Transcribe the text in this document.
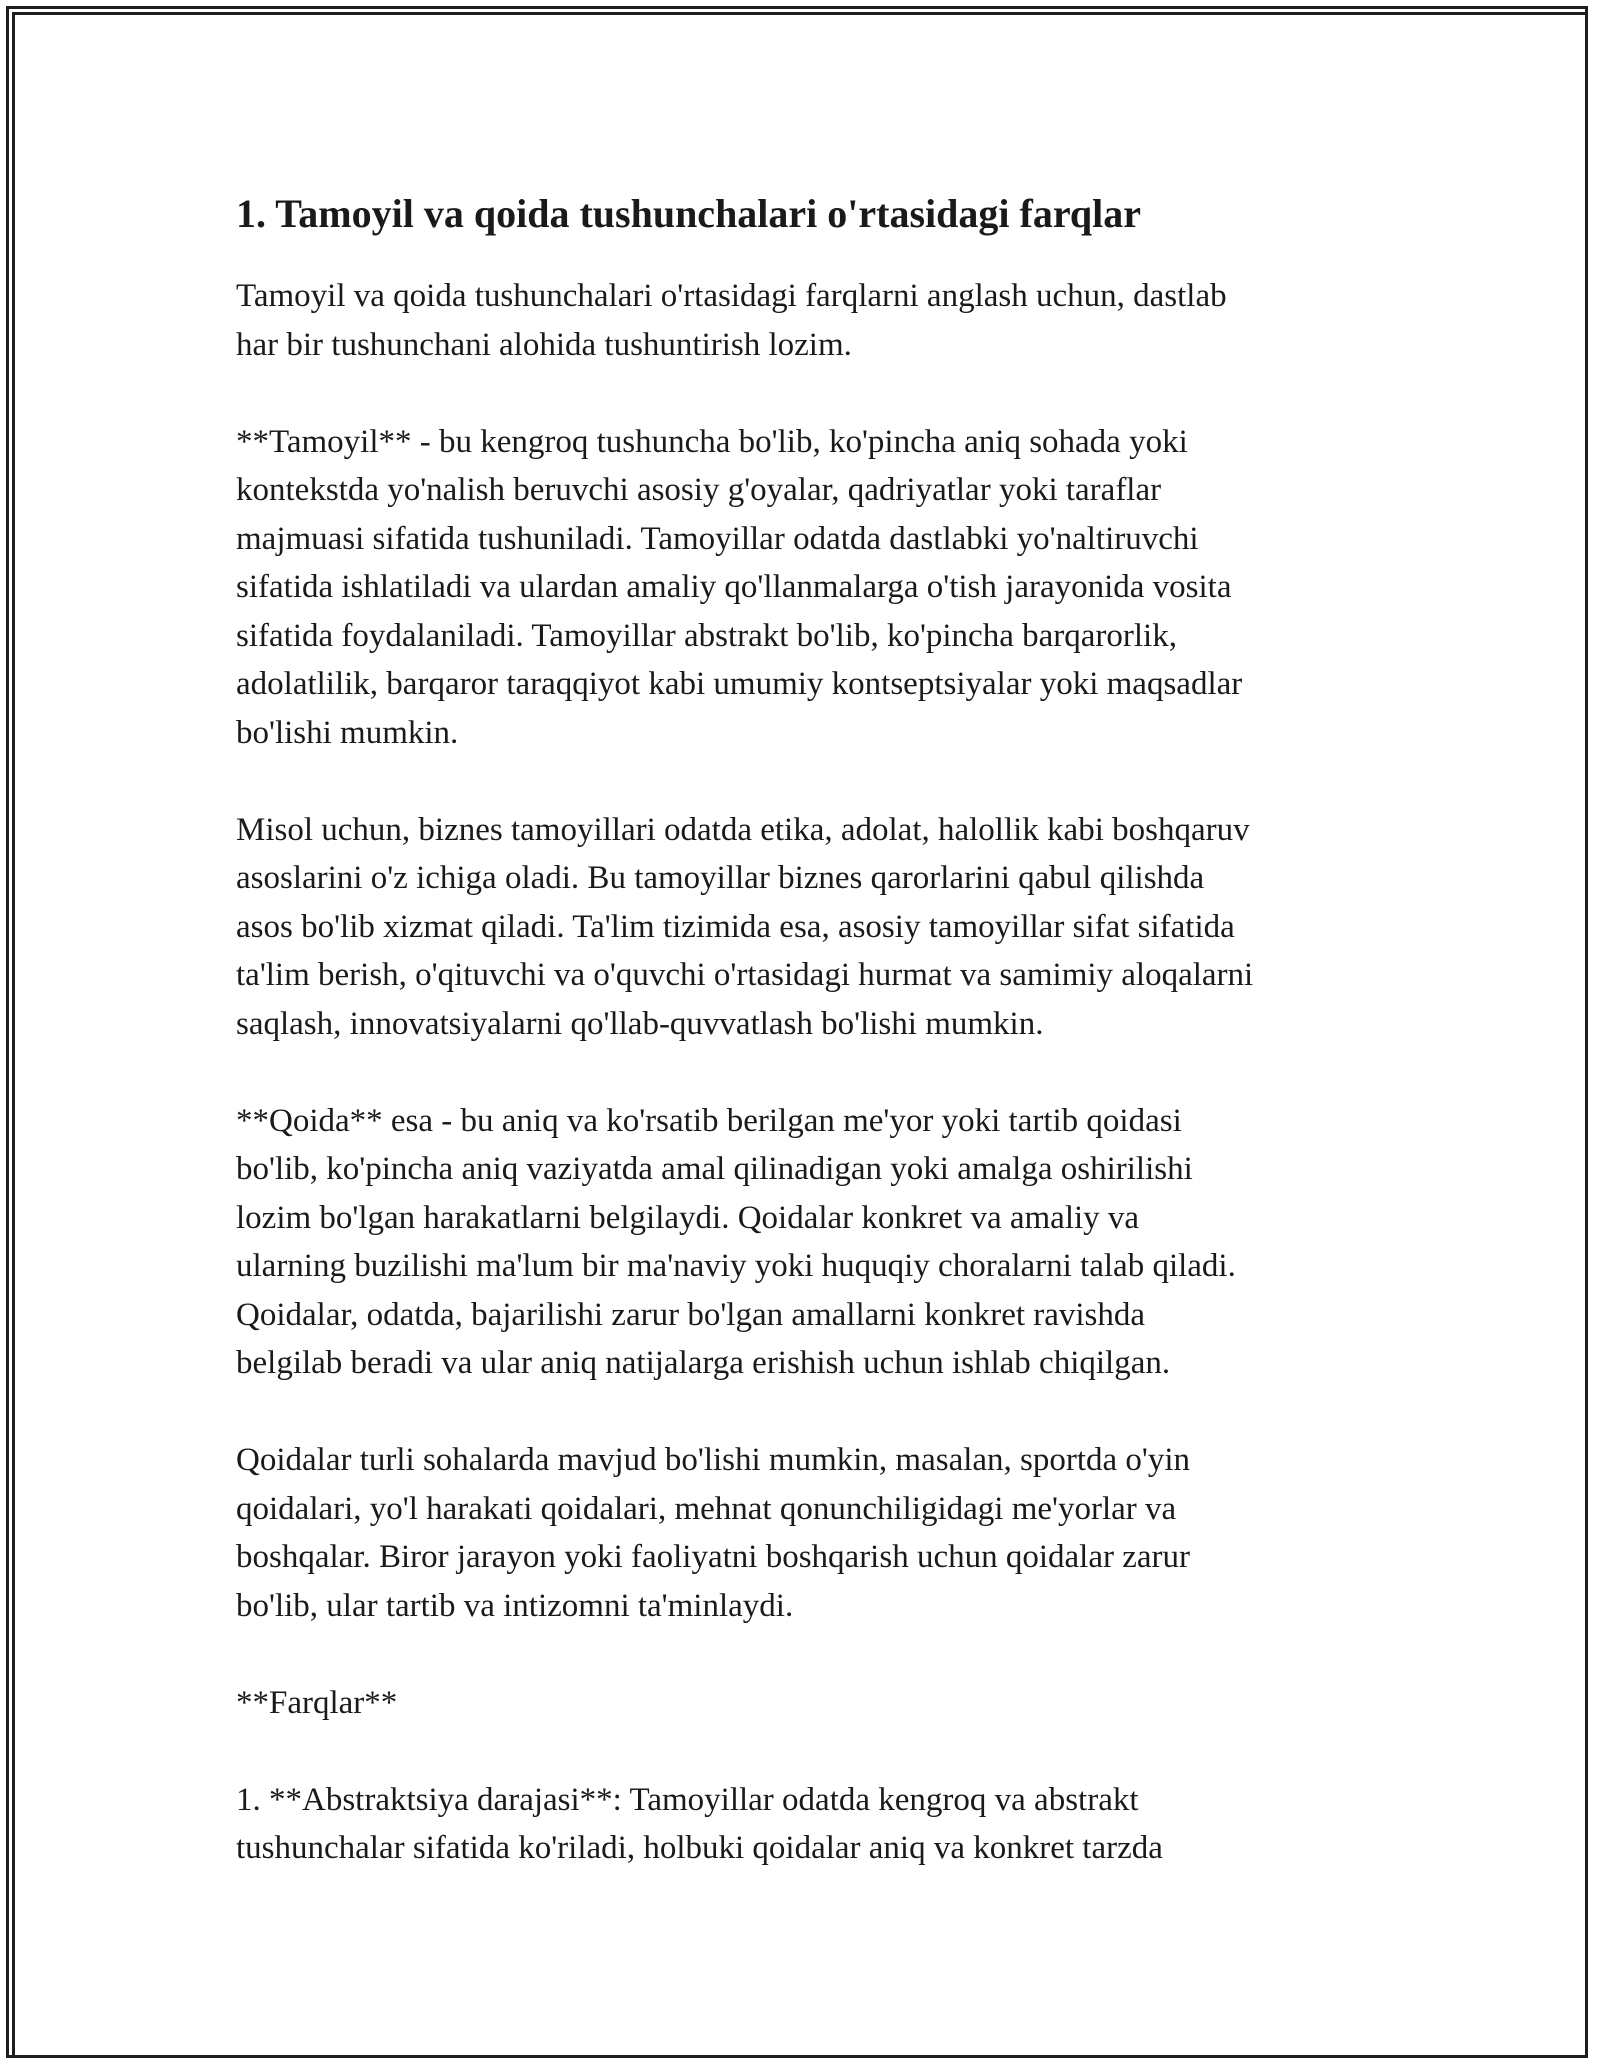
1. Tamoyil va qoida tushunchalari o'rtasidagi farqlar

Tamoyil va qoida tushunchalari o'rtasidagi farqlarni anglash uchun, dastlab
har bir tushunchani alohida tushuntirish lozim.

**Tamoyil** - bu kengroq tushuncha bo'lib, ko'pincha aniq sohada yoki
kontekstda yo'nalish beruvchi asosiy g'oyalar, qadriyatlar yoki taraflar
majmuasi sifatida tushuniladi. Tamoyillar odatda dastlabki yo'naltiruvchi
sifatida ishlatiladi va ulardan amaliy qo'llanmalarga o'tish jarayonida vosita
sifatida foydalaniladi. Tamoyillar abstrakt bo'lib, ko'pincha barqarorlik,
adolatlilik, barqaror taraqqiyot kabi umumiy kontseptsiyalar yoki maqsadlar
bo'lishi mumkin.

Misol uchun, biznes tamoyillari odatda etika, adolat, halollik kabi boshqaruv
asoslarini o'z ichiga oladi. Bu tamoyillar biznes qarorlarini qabul qilishda
asos bo'lib xizmat qiladi. Ta'lim tizimida esa, asosiy tamoyillar sifat sifatida
ta'lim berish, o'qituvchi va o'quvchi o'rtasidagi hurmat va samimiy aloqalarni
saqlash, innovatsiyalarni qo'llab-quvvatlash bo'lishi mumkin.

**Qoida** esa - bu aniq va ko'rsatib berilgan me'yor yoki tartib qoidasi
bo'lib, ko'pincha aniq vaziyatda amal qilinadigan yoki amalga oshirilishi
lozim bo'lgan harakatlarni belgilaydi. Qoidalar konkret va amaliy va
ularning buzilishi ma'lum bir ma'naviy yoki huquqiy choralarni talab qiladi.
Qoidalar, odatda, bajarilishi zarur bo'lgan amallarni konkret ravishda
belgilab beradi va ular aniq natijalarga erishish uchun ishlab chiqilgan.

Qoidalar turli sohalarda mavjud bo'lishi mumkin, masalan, sportda o'yin
qoidalari, yo'l harakati qoidalari, mehnat qonunchiligidagi me'yorlar va
boshqalar. Biror jarayon yoki faoliyatni boshqarish uchun qoidalar zarur
bo'lib, ular tartib va intizomni ta'minlaydi.

**Farqlar**

1. **Abstraktsiya darajasi**: Tamoyillar odatda kengroq va abstrakt
tushunchalar sifatida ko'riladi, holbuki qoidalar aniq va konkret tarzda
